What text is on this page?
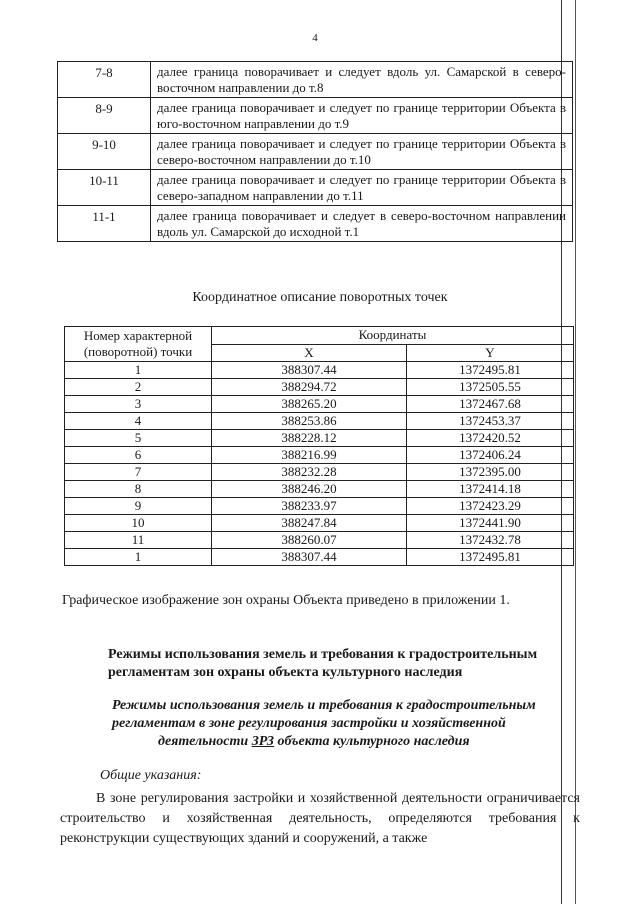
4
7-8	далее граница поворачивает и следует вдоль ул. Самарской в северо-восточном направлении до т.8
8-9	далее граница поворачивает и следует по границе территории Объекта в юго-восточном направлении до т.9
9-10	далее граница поворачивает и следует по границе территории Объекта в северо-восточном направлении до т.10
10-11	далее граница поворачивает и следует по границе территории Объекта в северо-западном направлении до т.11
11-1	далее граница поворачивает и следует в северо-восточном направлении вдоль ул. Самарской до исходной т.1
Координатное описание поворотных точек
Номер характерной (поворотной) точки	Координаты	
	X	Y
1	388307.44	1372495.81
2	388294.72	1372505.55
3	388265.20	1372467.68
4	388253.86	1372453.37
5	388228.12	1372420.52
6	388216.99	1372406.24
7	388232.28	1372395.00
8	388246.20	1372414.18
9	388233.97	1372423.29
10	388247.84	1372441.90
11	388260.07	1372432.78
1	388307.44	1372495.81
Графическое изображение зон охраны Объекта приведено в приложении 1.
Режимы использования земель и требования к градостроительным регламентам зон охраны объекта культурного наследия
Режимы использования земель и требования к градостроительным
регламентам в зоне регулирования застройки и хозяйственной
деятельности ЗРЗ объекта культурного наследия
Общие указания:
В зоне регулирования застройки и хозяйственной деятельности ограничивается строительство и хозяйственная деятельность, определяются требования к реконструкции существующих зданий и сооружений, а также
